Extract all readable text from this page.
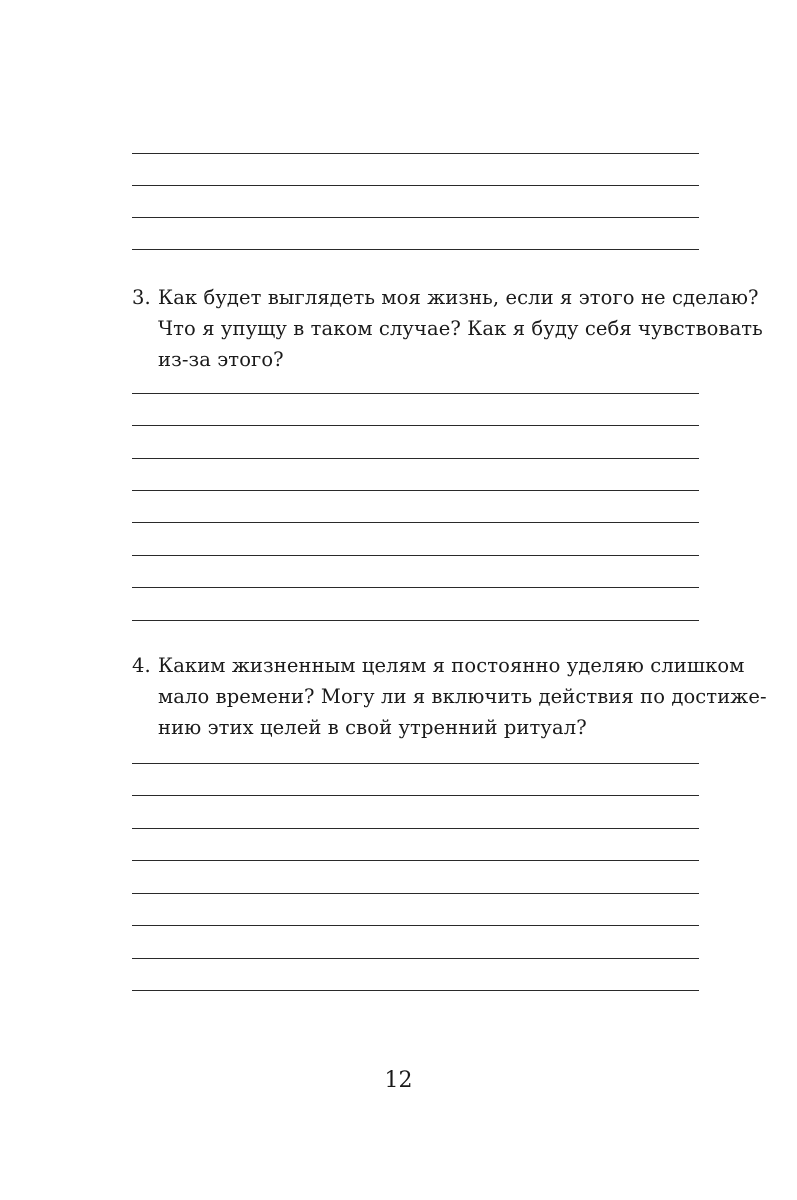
3. Как будет выглядеть моя жизнь, если я этого не сделаю?
Что я упущу в таком случае? Как я буду себя чувствовать
из-за этого?
4. Каким жизненным целям я постоянно уделяю слишком
мало времени? Могу ли я включить действия по достиже-
нию этих целей в свой утренний ритуал?
12
